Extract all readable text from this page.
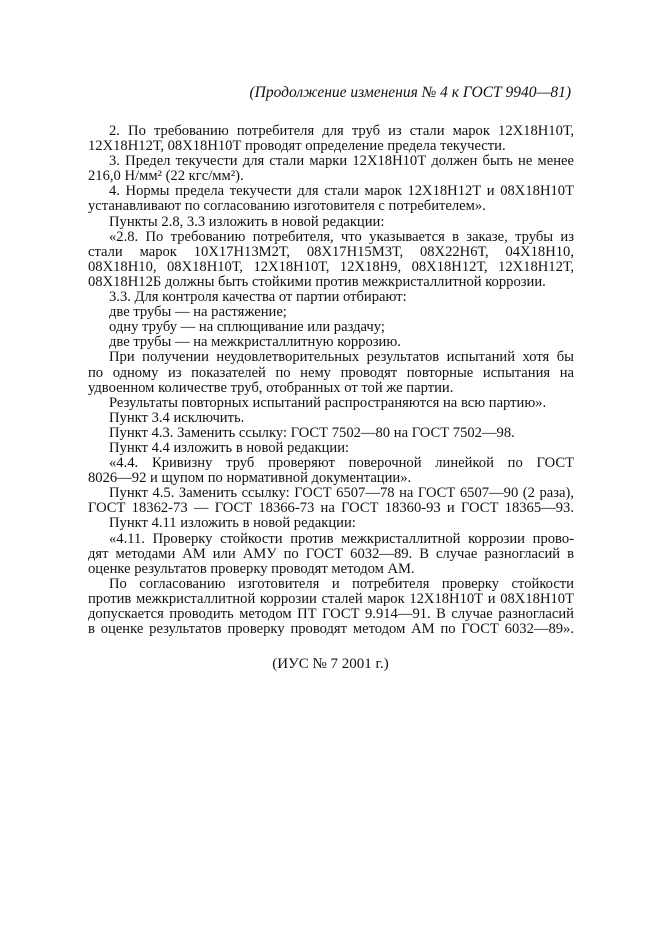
(Продолжение изменения № 4 к ГОСТ 9940—81)
2. По требованию потребителя для труб из стали марок 12Х18Н10Т,
12Х18Н12Т, 08Х18Н10Т проводят определение предела текучести.
3. Предел текучести для стали марки 12Х18Н10Т должен быть не менее
216,0 Н/мм² (22 кгс/мм²).
4. Нормы предела текучести для стали марок 12Х18Н12Т и 08Х18Н10Т
устанавливают по согласованию изготовителя с потребителем».
Пункты 2.8, 3.3 изложить в новой редакции:
«2.8. По требованию потребителя, что указывается в заказе, трубы из
стали марок 10Х17Н13М2Т, 08Х17Н15М3Т, 08Х22Н6Т, 04Х18Н10,
08Х18Н10, 08Х18Н10Т, 12Х18Н10Т, 12Х18Н9, 08Х18Н12Т, 12Х18Н12Т,
08Х18Н12Б должны быть стойкими против межкристаллитной коррозии.
3.3. Для контроля качества от партии отбирают:
две трубы — на растяжение;
одну трубу — на сплющивание или раздачу;
две трубы — на межкристаллитную коррозию.
При получении неудовлетворительных результатов испытаний хотя бы
по одному из показателей по нему проводят повторные испытания на
удвоенном количестве труб, отобранных от той же партии.
Результаты повторных испытаний распространяются на всю партию».
Пункт 3.4 исключить.
Пункт 4.3. Заменить ссылку: ГОСТ 7502—80 на ГОСТ 7502—98.
Пункт 4.4 изложить в новой редакции:
«4.4. Кривизну труб проверяют поверочной линейкой по ГОСТ
8026—92 и щупом по нормативной документации».
Пункт 4.5. Заменить ссылку: ГОСТ 6507—78 на ГОСТ 6507—90 (2 раза),
ГОСТ 18362-73 — ГОСТ 18366-73 на ГОСТ 18360-93 и ГОСТ 18365—93.
Пункт 4.11 изложить в новой редакции:
«4.11. Проверку стойкости против межкристаллитной коррозии прово-
дят методами АМ или АМУ по ГОСТ 6032—89. В случае разногласий в
оценке результатов проверку проводят методом АМ.
По согласованию изготовителя и потребителя проверку стойкости
против межкристаллитной коррозии сталей марок 12Х18Н10Т и 08Х18Н10Т
допускается проводить методом ПТ ГОСТ 9.914—91. В случае разногласий
в оценке результатов проверку проводят методом АМ по ГОСТ 6032—89».
(ИУС № 7 2001 г.)
